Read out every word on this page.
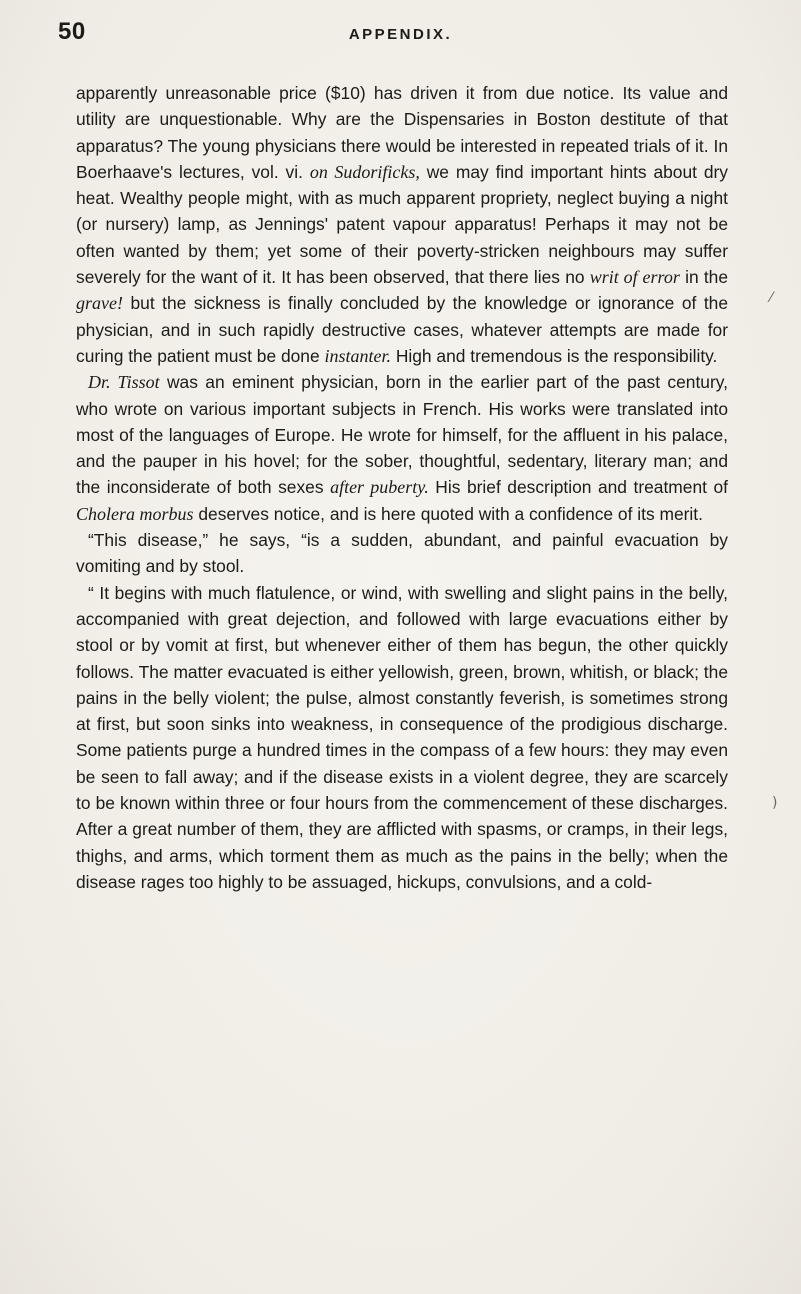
50	APPENDIX.

apparently unreasonable price ($10) has driven it from due notice. Its value and utility are unquestionable. Why are the Dispensaries in Boston destitute of that apparatus? The young physicians there would be interested in repeated trials of it. In Boerhaave's lectures, vol. vi. on Sudorificks, we may find important hints about dry heat. Wealthy people might, with as much apparent propriety, neglect buying a night (or nursery) lamp, as Jennings' patent vapour apparatus! Perhaps it may not be often wanted by them; yet some of their poverty-stricken neighbours may suffer severely for the want of it. It has been observed, that there lies no writ of error in the grave! but the sickness is finally concluded by the knowledge or ignorance of the physician, and in such rapidly destructive cases, whatever attempts are made for curing the patient must be done instanter. High and tremendous is the responsibility.

Dr. Tissot was an eminent physician, born in the earlier part of the past century, who wrote on various important subjects in French. His works were translated into most of the languages of Europe. He wrote for himself, for the affluent in his palace, and the pauper in his hovel; for the sober, thoughtful, sedentary, literary man; and the inconsiderate of both sexes after puberty. His brief description and treatment of Cholera morbus deserves notice, and is here quoted with a confidence of its merit.

“This disease,” he says, “is a sudden, abundant, and painful evacuation by vomiting and by stool.

“ It begins with much flatulence, or wind, with swelling and slight pains in the belly, accompanied with great dejection, and followed with large evacuations either by stool or by vomit at first, but whenever either of them has begun, the other quickly follows. The matter evacuated is either yellowish, green, brown, whitish, or black; the pains in the belly violent; the pulse, almost constantly feverish, is sometimes strong at first, but soon sinks into weakness, in consequence of the prodigious discharge. Some patients purge a hundred times in the compass of a few hours: they may even be seen to fall away; and if the disease exists in a violent degree, they are scarcely to be known within three or four hours from the commencement of these discharges. After a great number of them, they are afflicted with spasms, or cramps, in their legs, thighs, and arms, which torment them as much as the pains in the belly; when the disease rages too highly to be assuaged, hickups, convulsions, and a cold-

⁄
)
